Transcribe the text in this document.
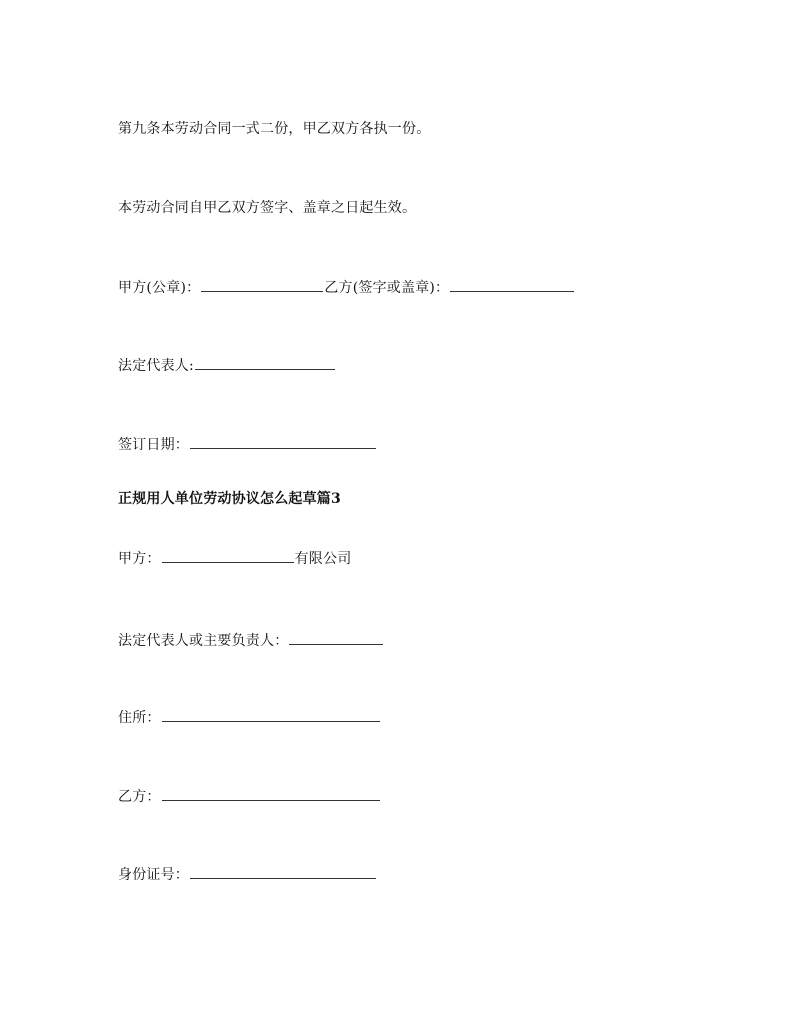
第九条本劳动合同一式二份，甲乙双方各执一份。
本劳动合同自甲乙双方签字、盖章之日起生效。
甲方(公章)：	乙方(签字或盖章)：
法定代表人:
签订日期：
正规用人单位劳动协议怎么起草篇3
甲方：	有限公司
法定代表人或主要负责人：
住所：
乙方：
身份证号：
